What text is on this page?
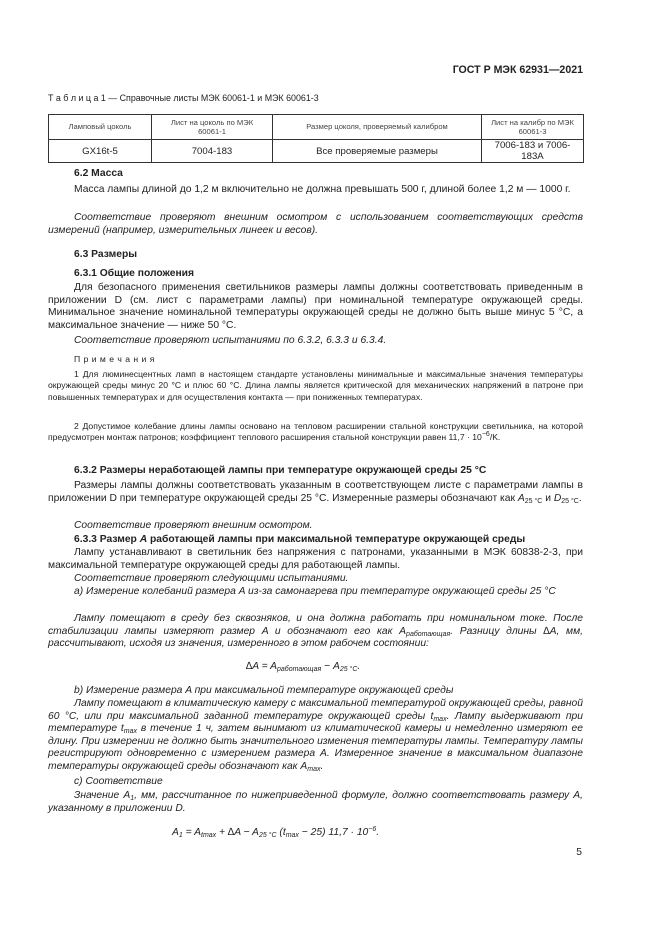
ГОСТ Р МЭК 62931—2021
Т а б л и ц а 1 — Справочные листы МЭК 60061-1 и МЭК 60061-3
Ламповый цоколь	Лист на цоколь по МЭК 60061-1	Размер цоколя, проверяемый калибром	Лист на калибр по МЭК 60061-3
GX16t-5	7004-183	Все проверяемые размеры	7006-183 и 7006-183A
6.2 Масса
Масса лампы длиной до 1,2 м включительно не должна превышать 500 г, длиной более 1,2 м — 1000 г.
Соответствие проверяют внешним осмотром с использованием соответствующих средств измерений (например, измерительных линеек и весов).
6.3 Размеры
6.3.1 Общие положения
Для безопасного применения светильников размеры лампы должны соответствовать приведенным в приложении D (см. лист с параметрами лампы) при номинальной температуре окружающей среды. Минимальное значение номинальной температуры окружающей среды не должно быть выше минус 5 °C, а максимальное значение — ниже 50 °C.
Соответствие проверяют испытаниями по 6.3.2, 6.3.3 и 6.3.4.
П р и м е ч а н и я
1 Для люминесцентных ламп в настоящем стандарте установлены минимальные и максимальные значения температуры окружающей среды минус 20 °C и плюс 60 °C. Длина лампы является критической для механических напряжений в патроне при повышенных температурах и для осуществления контакта — при пониженных температурах.
2 Допустимое колебание длины лампы основано на тепловом расширении стальной конструкции светильника, на которой предусмотрен монтаж патронов; коэффициент теплового расширения стальной конструкции равен $11,7 \cdot 10^{-6}/K$.
6.3.2 Размеры неработающей лампы при температуре окружающей среды 25 °C
Размеры лампы должны соответствовать указанным в соответствующем листе с параметрами лампы в приложении D при температуре окружающей среды 25 °C. Измеренные размеры обозначают как $A_{25 ^\circ C}$ и $D_{25 ^\circ C}$.
Соответствие проверяют внешним осмотром.
6.3.3 Размер A работающей лампы при максимальной температуре окружающей среды
Лампу устанавливают в светильник без напряжения с патронами, указанными в МЭК 60838-2-3, при максимальной температуре окружающей среды для работающей лампы.
Соответствие проверяют следующими испытаниями.
а) Измерение колебаний размера A из-за самонагрева при температуре окружающей среды 25 °C
Лампу помещают в среду без сквозняков, и она должна работать при номинальном токе. После стабилизации лампы измеряют размер A и обозначают его как $A_{работающая}$. Разницу длины ∆A, мм, рассчитывают, исходя из значения, измеренного в этом рабочем состоянии:
$\Delta A = A_{работающая} - A_{25 ^\circ C}$.
b) Измерение размера A при максимальной температуре окружающей среды
Лампу помещают в климатическую камеру с максимальной температурой окружающей среды, равной 60 °C, или при максимальной заданной температуре окружающей среды $t_{max}$. Лампу выдерживают при температуре $t_{max}$ в течение 1 ч, затем вынимают из климатической камеры и немедленно измеряют ее длину. При измерении не должно быть значительного изменения температуры лампы. Температуру лампы регистрируют одновременно с измерением размера A. Измеренное значение в максимальном диапазоне температуры окружающей среды обозначают как $A_{max}$.
c) Соответствие
Значение $A_1$, мм, рассчитанное по нижеприведенной формуле, должно соответствовать размеру A, указанному в приложении D.
$A_1 = A_{tmax} + \Delta A - A_{25 ^\circ C}$ $(t_{max} - 25) 11,7 \cdot 10^{-6}$.
5
